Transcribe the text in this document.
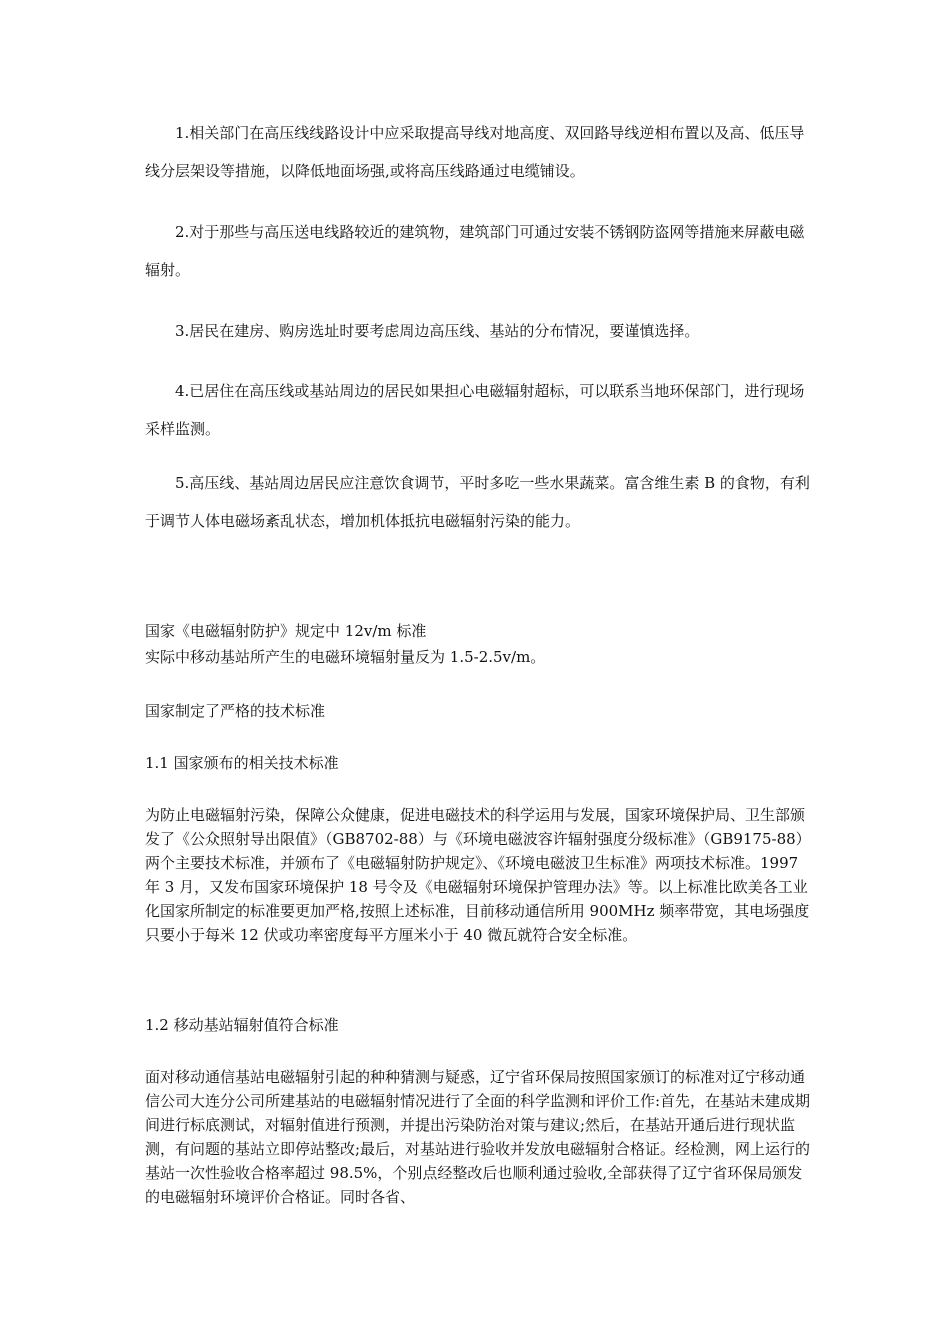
1.相关部门在高压线线路设计中应采取提高导线对地高度、双回路导线逆相布置以及高、低压导线分层架设等措施，以降低地面场强,或将高压线路通过电缆铺设。

2.对于那些与高压送电线路较近的建筑物，建筑部门可通过安装不锈钢防盗网等措施来屏蔽电磁辐射。

3.居民在建房、购房选址时要考虑周边高压线、基站的分布情况，要谨慎选择。

4.已居住在高压线或基站周边的居民如果担心电磁辐射超标，可以联系当地环保部门，进行现场采样监测。

5.高压线、基站周边居民应注意饮食调节，平时多吃一些水果蔬菜。富含维生素 B 的食物，有利于调节人体电磁场紊乱状态，增加机体抵抗电磁辐射污染的能力。

国家《电磁辐射防护》规定中 12v/m 标准

实际中移动基站所产生的电磁环境辐射量反为 1.5-2.5v/m。

国家制定了严格的技术标准

1.1 国家颁布的相关技术标准

为防止电磁辐射污染，保障公众健康，促进电磁技术的科学运用与发展，国家环境保护局、卫生部颁发了《公众照射导出限值》（GB8702-88）与《环境电磁波容许辐射强度分级标准》（GB9175-88）两个主要技术标准，并颁布了《电磁辐射防护规定》、《环境电磁波卫生标准》两项技术标准。1997 年 3 月，又发布国家环境保护 18 号令及《电磁辐射环境保护管理办法》等。以上标准比欧美各工业化国家所制定的标准要更加严格,按照上述标准，目前移动通信所用 900MHz 频率带宽，其电场强度只要小于每米 12 伏或功率密度每平方厘米小于 40 微瓦就符合安全标准。

1.2 移动基站辐射值符合标准

面对移动通信基站电磁辐射引起的种种猜测与疑惑，辽宁省环保局按照国家颁订的标准对辽宁移动通信公司大连分公司所建基站的电磁辐射情况进行了全面的科学监测和评价工作:首先，在基站未建成期间进行标底测试，对辐射值进行预测，并提出污染防治对策与建议;然后，在基站开通后进行现状监测，有问题的基站立即停站整改;最后，对基站进行验收并发放电磁辐射合格证。经检测，网上运行的基站一次性验收合格率超过 98.5%，个别点经整改后也顺利通过验收,全部获得了辽宁省环保局颁发的电磁辐射环境评价合格证。同时各省、
